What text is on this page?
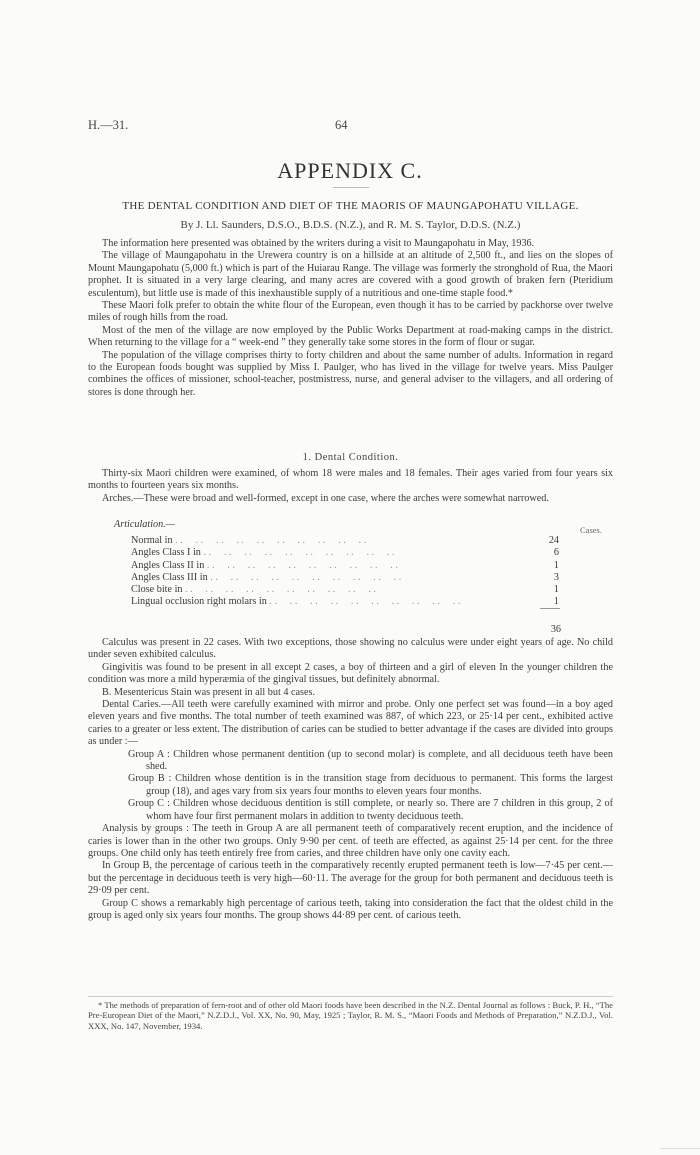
H.—31.	64
APPENDIX C.
THE DENTAL CONDITION AND DIET OF THE MAORIS OF MAUNGAPOHATU VILLAGE.
By J. Ll. Saunders, D.S.O., B.D.S. (N.Z.), and R. M. S. Taylor, D.D.S. (N.Z.)

The information here presented was obtained by the writers during a visit to Maungapohatu in May, 1936.

The village of Maungapohatu in the Urewera country is on a hillside at an altitude of 2,500 ft., and lies on the slopes of Mount Maungapohatu (5,000 ft.) which is part of the Huiarau Range. The village was formerly the stronghold of Rua, the Maori prophet. It is situated in a very large clearing, and many acres are covered with a good growth of braken fern (Pteridium esculentum), but little use is made of this inexhaustible supply of a nutritious and one-time staple food.*

These Maori folk prefer to obtain the white flour of the European, even though it has to be carried by packhorse over twelve miles of rough hills from the road.

Most of the men of the village are now employed by the Public Works Department at road-making camps in the district. When returning to the village for a “ week-end ” they generally take some stores in the form of flour or sugar.

The population of the village comprises thirty to forty children and about the same number of adults. Information in regard to the European foods bought was supplied by Miss I. Paulger, who has lived in the village for twelve years. Miss Paulger combines the offices of missioner, school-teacher, postmistress, nurse, and general adviser to the villagers, and all ordering of stores is done through her.

1. Dental Condition.

Thirty-six Maori children were examined, of whom 18 were males and 18 females. Their ages varied from four years six months to fourteen years six months.

Arches.—These were broad and well-formed, except in one case, where the arches were somewhat narrowed.

Articulation.—	Cases.
Normal in . .	24
Angles Class I in . .	6
Angles Class II in . .	1
Angles Class III in . .	3
Close bite in . .	1
Lingual occlusion right molars in . .	1
36

Calculus was present in 22 cases. With two exceptions, those showing no calculus were under eight years of age. No child under seven exhibited calculus.

Gingivitis was found to be present in all except 2 cases, a boy of thirteen and a girl of eleven In the younger children the condition was more a mild hyperæmia of the gingival tissues, but definitely abnormal.

B. Mesentericus Stain was present in all but 4 cases.

Dental Caries.—All teeth were carefully examined with mirror and probe. Only one perfect set was found—in a boy aged eleven years and five months. The total number of teeth examined was 887, of which 223, or 25·14 per cent., exhibited active caries to a greater or less extent. The distribution of caries can be studied to better advantage if the cases are divided into groups as under :—

Group A : Children whose permanent dentition (up to second molar) is complete, and all deciduous teeth have been shed.

Group B : Children whose dentition is in the transition stage from deciduous to permanent. This forms the largest group (18), and ages vary from six years four months to eleven years four months.

Group C : Children whose deciduous dentition is still complete, or nearly so. There are 7 children in this group, 2 of whom have four first permanent molars in addition to twenty deciduous teeth.

Analysis by groups : The teeth in Group A are all permanent teeth of comparatively recent eruption, and the incidence of caries is lower than in the other two groups. Only 9·90 per cent. of teeth are effected, as against 25·14 per cent. for the three groups. One child only has teeth entirely free from caries, and three children have only one cavity each.

In Group B, the percentage of carious teeth in the comparatively recently erupted permanent teeth is low—7·45 per cent.—but the percentage in deciduous teeth is very high—60·11. The average for the group for both permanent and deciduous teeth is 29·09 per cent.

Group C shows a remarkably high percentage of carious teeth, taking into consideration the fact that the oldest child in the group is aged only six years four months. The group shows 44·89 per cent. of carious teeth.

* The methods of preparation of fern-root and of other old Maori foods have been described in the N.Z. Dental Journal as follows : Buck, P. H., “The Pre-European Diet of the Maori,” N.Z.D.J., Vol. XX, No. 90, May, 1925 ; Taylor, R. M. S., “Maori Foods and Methods of Preparation,” N.Z.D.J., Vol. XXX, No. 147, November, 1934.
